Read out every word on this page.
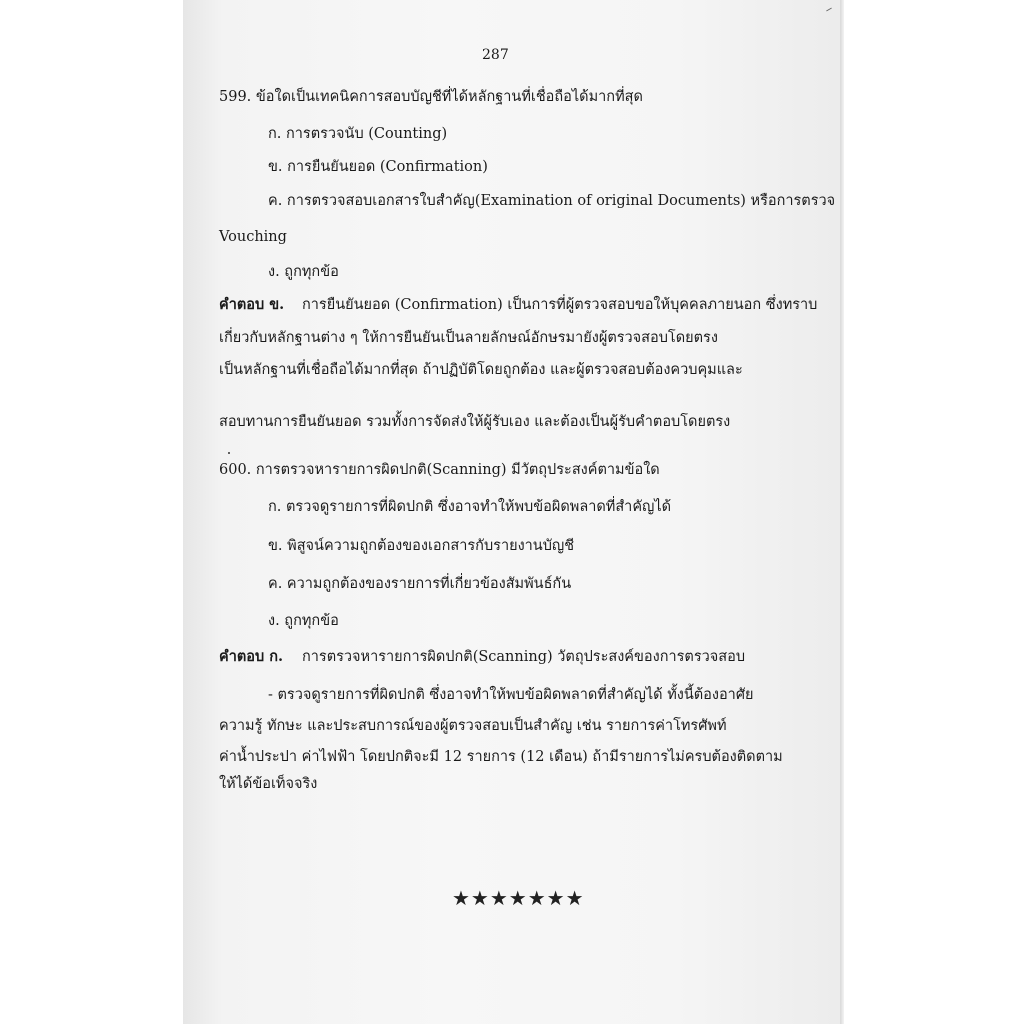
287
599. ข้อใดเป็นเทคนิคการสอบบัญชีที่ได้หลักฐานที่เชื่อถือได้มากที่สุด
ก. การตรวจนับ (Counting)
ข. การยืนยันยอด (Confirmation)
ค. การตรวจสอบเอกสารใบสำคัญ(Examination of original Documents) หรือการตรวจ
Vouching
ง. ถูกทุกข้อ
คำตอบ ข. การยืนยันยอด (Confirmation) เป็นการที่ผู้ตรวจสอบขอให้บุคคลภายนอก ซึ่งทราบ
เกี่ยวกับหลักฐานต่าง ๆ ให้การยืนยันเป็นลายลักษณ์อักษรมายังผู้ตรวจสอบโดยตรง
เป็นหลักฐานที่เชื่อถือได้มากที่สุด ถ้าปฏิบัติโดยถูกต้อง และผู้ตรวจสอบต้องควบคุมและ
สอบทานการยืนยันยอด รวมทั้งการจัดส่งให้ผู้รับเอง และต้องเป็นผู้รับคำตอบโดยตรง
600. การตรวจหารายการผิดปกติ(Scanning) มีวัตถุประสงค์ตามข้อใด
ก. ตรวจดูรายการที่ผิดปกติ ซึ่งอาจทำให้พบข้อผิดพลาดที่สำคัญได้
ข. พิสูจน์ความถูกต้องของเอกสารกับรายงานบัญชี
ค. ความถูกต้องของรายการที่เกี่ยวข้องสัมพันธ์กัน
ง. ถูกทุกข้อ
คำตอบ ก. การตรวจหารายการผิดปกติ(Scanning) วัตถุประสงค์ของการตรวจสอบ
- ตรวจดูรายการที่ผิดปกติ ซึ่งอาจทำให้พบข้อผิดพลาดที่สำคัญได้ ทั้งนี้ต้องอาศัย
ความรู้ ทักษะ และประสบการณ์ของผู้ตรวจสอบเป็นสำคัญ เช่น รายการค่าโทรศัพท์
ค่าน้ำประปา ค่าไฟฟ้า โดยปกติจะมี 12 รายการ (12 เดือน) ถ้ามีรายการไม่ครบต้องติดตาม
ให้ได้ข้อเท็จจริง
★★★★★★★
